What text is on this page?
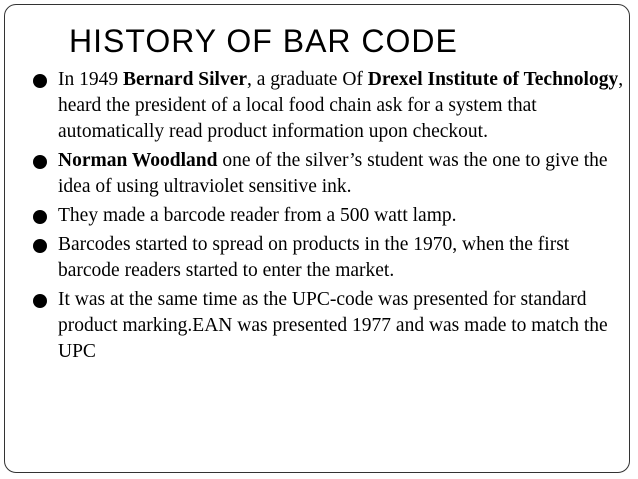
HISTORY OF BAR CODE
In 1949 Bernard Silver, a graduate Of Drexel Institute of Technology, heard the president of a local food chain ask for a system that automatically read product information upon checkout.
Norman Woodland one of the silver’s student was the one to give the idea of using ultraviolet sensitive ink.
They made a barcode reader from a 500 watt lamp.
Barcodes started to spread on products in the 1970, when the first barcode readers started to enter the market.
It was at the same time as the UPC-code was presented for standard product marking.EAN was presented 1977 and was made to match the UPC
